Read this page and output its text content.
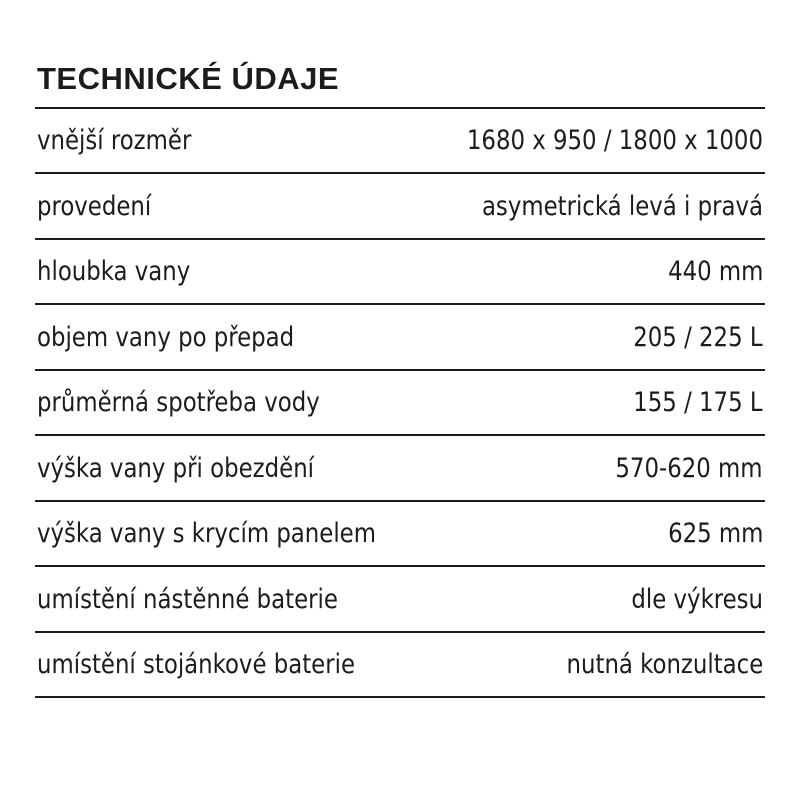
TECHNICKÉ ÚDAJE
vnější rozměr	1680 x 950 / 1800 x 1000
provedení	asymetrická levá i pravá
hloubka vany	440 mm
objem vany po přepad	205 / 225 L
průměrná spotřeba vody	155 / 175 L
výška vany při obezdění	570-620 mm
výška vany s krycím panelem	625 mm
umístění nástěnné baterie	dle výkresu
umístění stojánkové baterie	nutná konzultace
